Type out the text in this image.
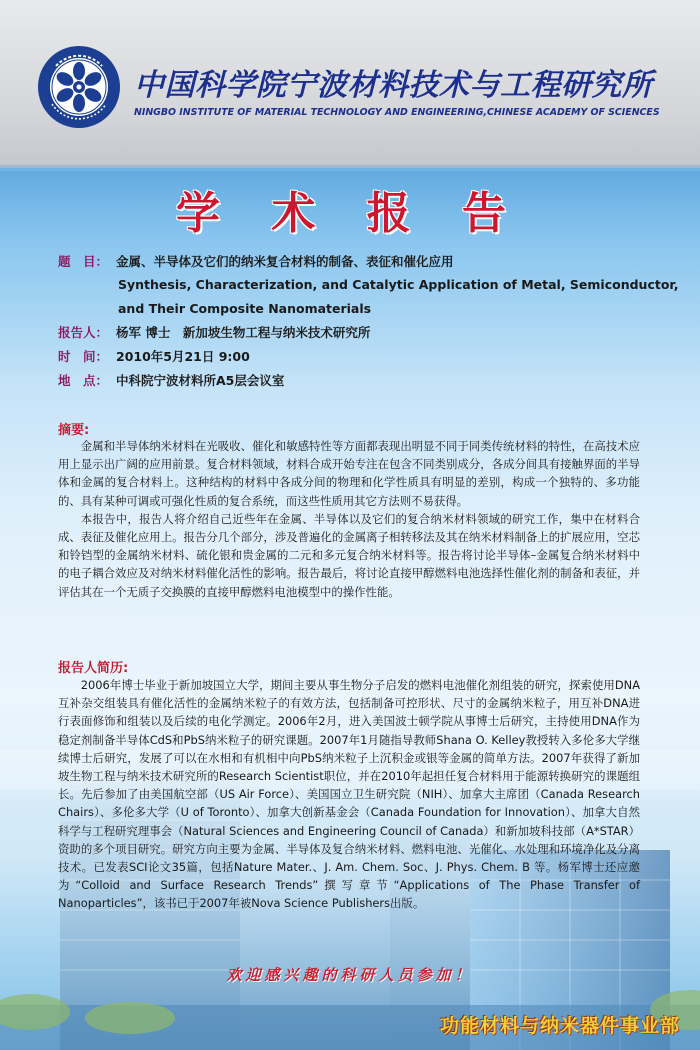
中国科学院宁波材料技术与工程研究所
NINGBO INSTITUTE OF MATERIAL TECHNOLOGY AND ENGINEERING,CHINESE ACADEMY OF SCIENCES
学 术 报 告
题　目： 金属、半导体及它们的纳米复合材料的制备、表征和催化应用
Synthesis, Characterization, and Catalytic Application of Metal, Semiconductor,
and Their Composite Nanomaterials
报告人： 杨军 博士　新加坡生物工程与纳米技术研究所
时　间： 2010年5月21日 9:00
地　点： 中科院宁波材料所A5层会议室
摘要:

金属和半导体纳米材料在光吸收、催化和敏感特性等方面都表现出明显不同于同类传统材料的特性，在高技术应用上显示出广阔的应用前景。复合材料领域，材料合成开始专注在包含不同类别成分，各成分间具有接触界面的半导体和金属的复合材料上。这种结构的材料中各成分间的物理和化学性质具有明显的差别，构成一个独特的、多功能的、具有某种可调或可强化性质的复合系统，而这些性质用其它方法则不易获得。

本报告中，报告人将介绍自己近些年在金属、半导体以及它们的复合纳米材料领域的研究工作，集中在材料合成、表征及催化应用上。报告分几个部分，涉及普遍化的金属离子相转移法及其在纳米材料制备上的扩展应用，空芯和铃铛型的金属纳米材料、硫化银和贵金属的二元和多元复合纳米材料等。报告将讨论半导体–金属复合纳米材料中的电子耦合效应及对纳米材料催化活性的影响。报告最后，将讨论直接甲醇燃料电池选择性催化剂的制备和表征，并评估其在一个无质子交换膜的直接甲醇燃料电池模型中的操作性能。

报告人简历:

2006年博士毕业于新加坡国立大学，期间主要从事生物分子启发的燃料电池催化剂组装的研究，探索使用DNA互补杂交组装具有催化活性的金属纳米粒子的有效方法，包括制备可控形状、尺寸的金属纳米粒子，用互补DNA进行表面修饰和组装以及后续的电化学测定。2006年2月，进入美国波士顿学院从事博士后研究，主持使用DNA作为稳定剂制备半导体CdS和PbS纳米粒子的研究课题。2007年1月随指导教师Shana O. Kelley教授转入多伦多大学继续博士后研究，发展了可以在水相和有机相中向PbS纳米粒子上沉积金或银等金属的简单方法。2007年获得了新加坡生物工程与纳米技术研究所的Research Scientist职位，并在2010年起担任复合材料用于能源转换研究的课题组长。先后参加了由美国航空部（US Air Force）、美国国立卫生研究院（NIH）、加拿大主席团（Canada Research Chairs）、多伦多大学（U of Toronto）、加拿大创新基金会（Canada Foundation for Innovation）、加拿大自然科学与工程研究理事会（Natural Sciences and Engineering Council of Canada）和新加坡科技部（A*STAR）资助的多个项目研究。研究方向主要为金属、半导体及复合纳米材料、燃料电池、光催化、水处理和环境净化及分离技术。已发表SCI论文35篇，包括Nature Mater.、J. Am. Chem. Soc、J. Phys. Chem. B 等。杨军博士还应邀为“Colloid and Surface Research Trends”撰写章节“Applications of The Phase Transfer of Nanoparticles”，该书已于2007年被Nova Science Publishers出版。

欢迎感兴趣的科研人员参加！
功能材料与纳米器件事业部
